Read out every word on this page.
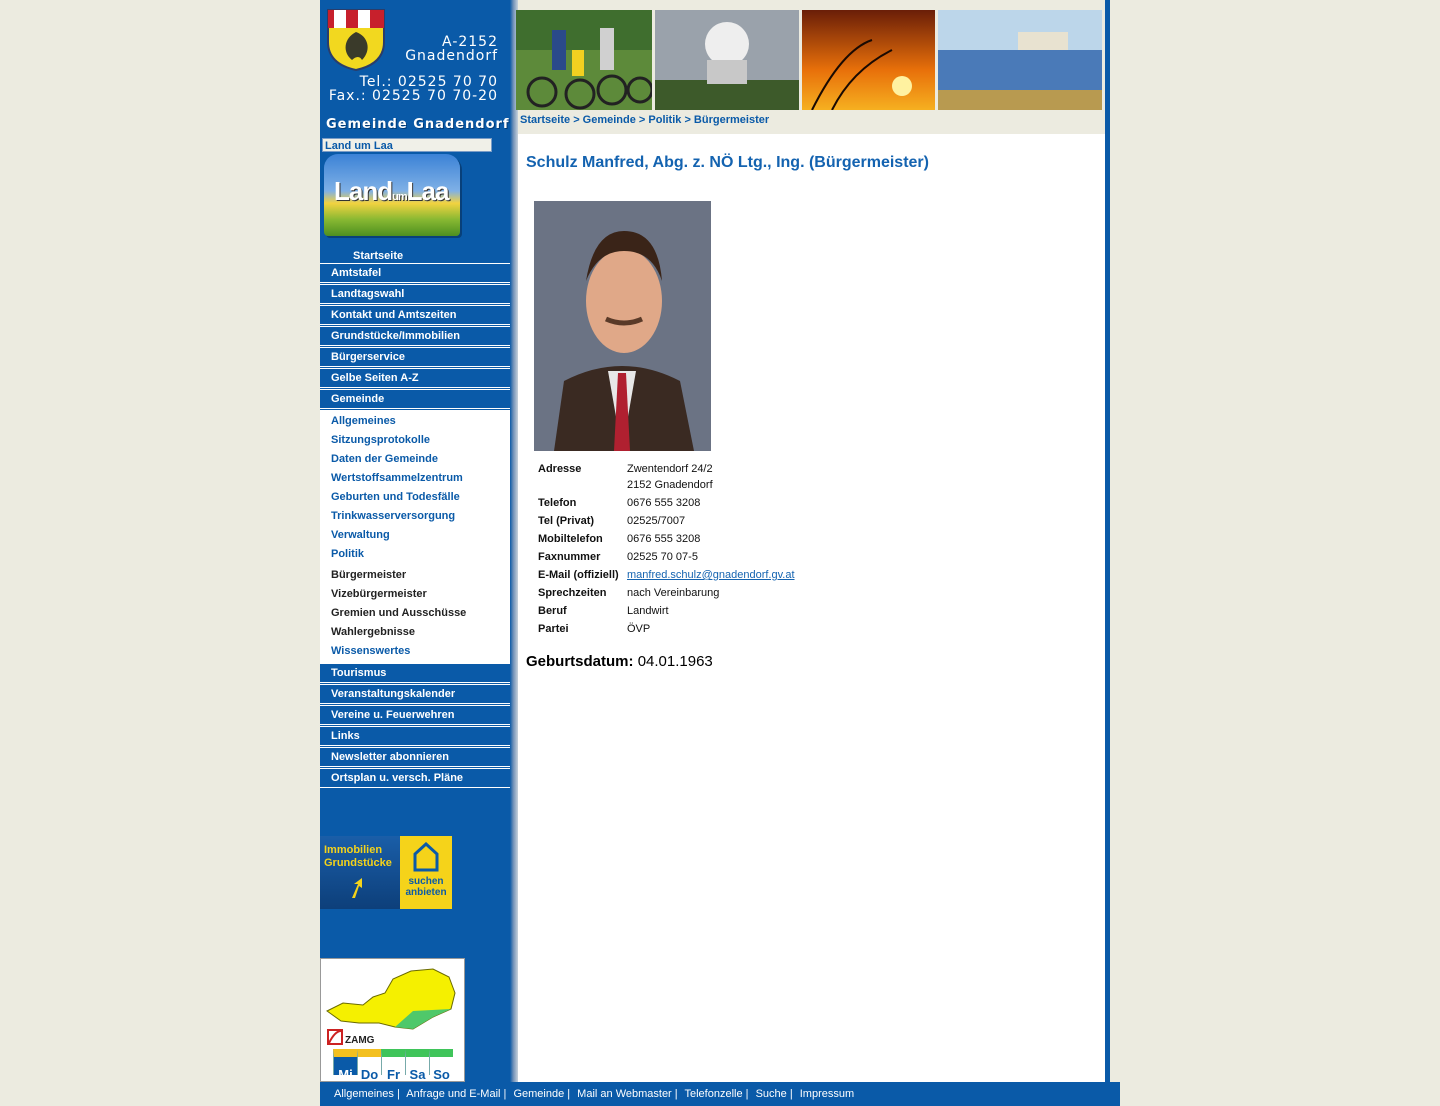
A-2152
Gnadendorf
Tel.: 02525 70 70
Fax.: 02525 70 70-20
Gemeinde Gnadendorf
Land um Laa
LandumLaa
Startseite
Amtstafel
Landtagswahl
Kontakt und Amtszeiten
Grundstücke/Immobilien
Bürgerservice
Gelbe Seiten A-Z
Gemeinde
Allgemeines
Sitzungsprotokolle
Daten der Gemeinde
Wertstoffsammelzentrum
Geburten und Todesfälle
Trinkwasserversorgung
Verwaltung
Politik
Bürgermeister
Vizebürgermeister
Gremien und Ausschüsse
Wahlergebnisse
Wissenswertes
Tourismus
Veranstaltungskalender
Vereine u. Feuerwehren
Links
Newsletter abonnieren
Ortsplan u. versch. Pläne
Immobilien
Grundstücke
suchen
anbieten
ZAMG
Mi Do Fr Sa So
Startseite > Gemeinde > Politik > Bürgermeister
Schulz Manfred, Abg. z. NÖ Ltg., Ing. (Bürgermeister)
Adresse	Zwentendorf 24/2
2152 Gnadendorf

Telefon	0676 555 3208
Tel (Privat)	02525/7007
Mobiltelefon	0676 555 3208
Faxnummer	02525 70 07-5
E-Mail (offiziell)	manfred.schulz@gnadendorf.gv.at
Sprechzeiten	nach Vereinbarung
Beruf	Landwirt
Partei	ÖVP
Geburtsdatum: 04.01.1963
Allgemeines | Anfrage und E-Mail | Gemeinde | Mail an Webmaster | Telefonzelle | Suche | Impressum
